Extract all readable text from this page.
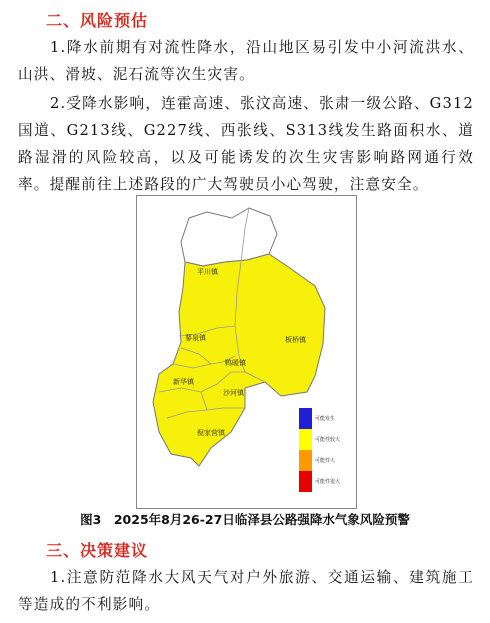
二、风险预估

1.降水前期有对流性降水，沿山地区易引发中小河流洪水、山洪、滑坡、泥石流等次生灾害。

2.受降水影响，连霍高速、张汶高速、张肃一级公路、G312国道、G213线、G227线、西张线、S313线发生路面积水、道路湿滑的风险较高，以及可能诱发的次生灾害影响路网通行效率。提醒前往上述路段的广大驾驶员小心驾驶，注意安全。

平川镇
板桥镇
蓼泉镇
鸭暖镇
新华镇
沙河镇
倪家营镇
可能发生
可能性较大
可能性大
可能性很大
图3　2025年8月26-27日临泽县公路强降水气象风险预警
三、决策建议

1.注意防范降水大风天气对户外旅游、交通运输、建筑施工等造成的不利影响。
